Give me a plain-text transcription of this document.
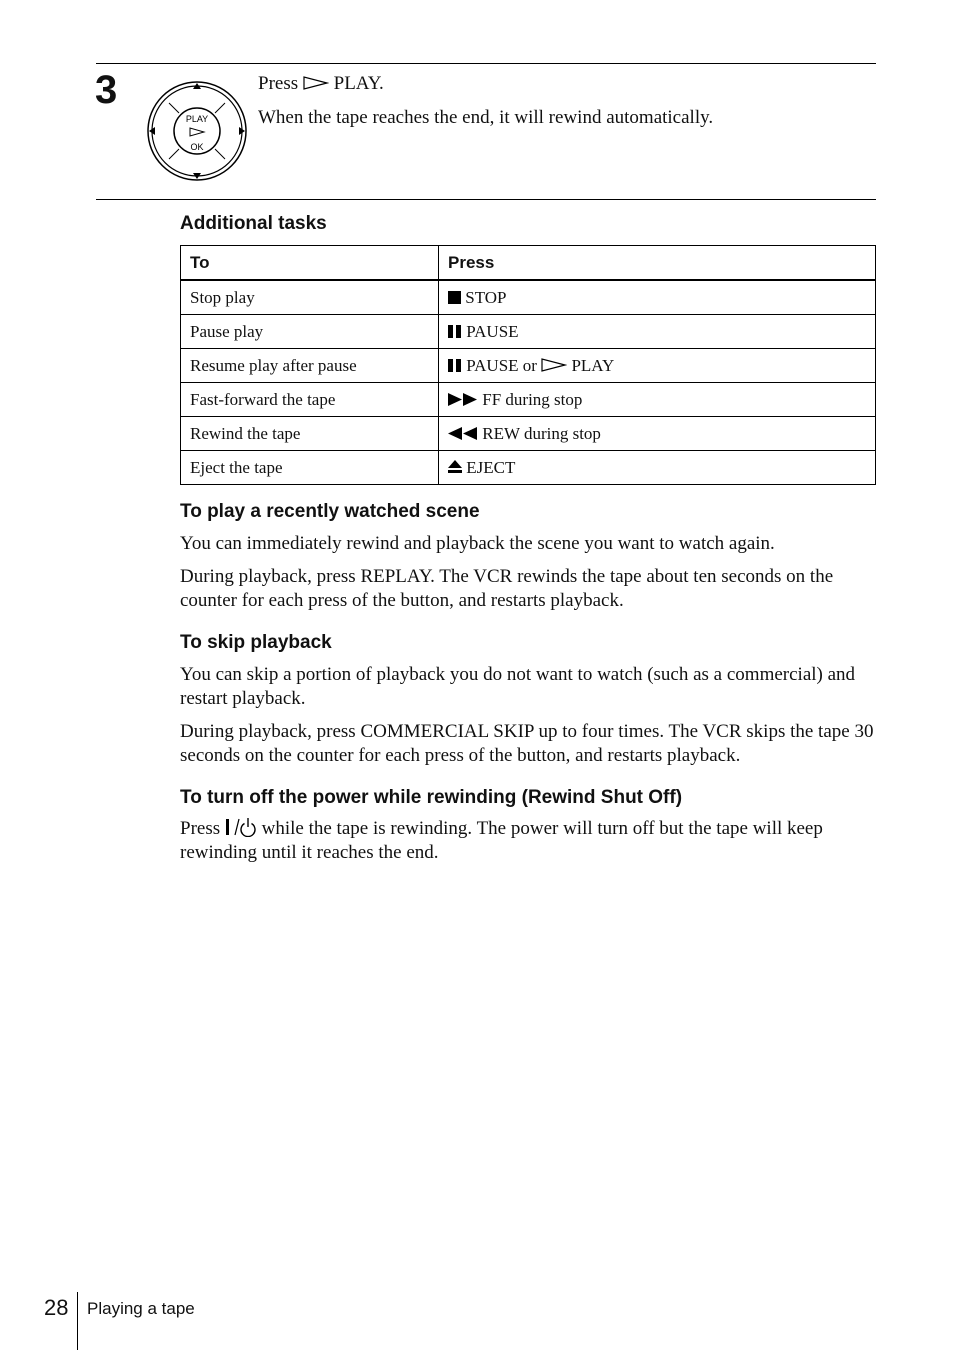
3
PLAY
OK
Press PLAY.
When the tape reaches the end, it will rewind automatically.
Additional tasks
To	Press
Stop play	STOP
Pause play	PAUSE
Resume play after pause	PAUSE or PLAY
Fast-forward the tape	FF during stop
Rewind the tape	REW during stop
Eject the tape	EJECT
To play a recently watched scene
You can immediately rewind and playback the scene you want to watch again.
During playback, press REPLAY. The VCR rewinds the tape about ten seconds on the counter for each press of the button, and restarts playback.
To skip playback
You can skip a portion of playback you do not want to watch (such as a commercial) and restart playback.
During playback, press COMMERCIAL SKIP up to four times. The VCR skips the tape 30 seconds on the counter for each press of the button, and restarts playback.
To turn off the power while rewinding (Rewind Shut Off)
Press while the tape is rewinding. The power will turn off but the tape will keep rewinding until it reaches the end.
28 Playing a tape
